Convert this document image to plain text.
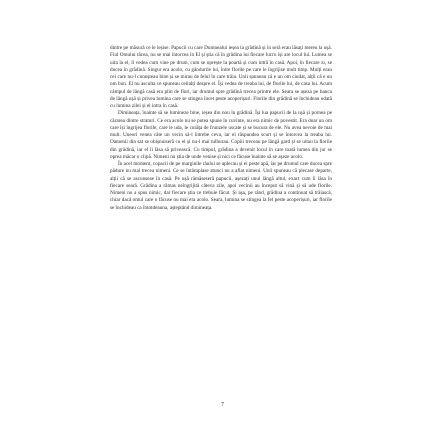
dintre pe măsură ce le ieșise. Papucii cu care Dumnealui ieșea la grădină și în seră erau lăsați mereu la ușă. Fiul Omului tăcea, nu se mai întorcea în El și știa că în grădina lui fiecare lucru își are locul lui. Lumea se uita la el, îl vedea cum vine pe drum, cum se oprește la poartă și cum intră în casă. Apoi, în fiecare zi, se ducea în grădină. Singur era acolo, cu gândurile lui, între florile pe care le îngrijise mult timp. Mulți erau cei care nu-l cunoșteau bine și se mirau de felul în care trăia. Unii spuneau că e un om ciudat, alții că e un om bun. El nu asculta ce spuneau ceilalți despre el. Își vedea de treaba lui, de florile lui, de casa lui. Acum câmpul de lângă casă era plin de flori, iar drumul spre grădină trecea printre ele. Seara se așeza pe banca de lângă ușă și privea lumina care se stingea încet peste acoperișuri. Florile din grădină se închideau odată cu lumina zilei și el intra în casă.

Dimineața, înainte să se lumineze bine, ieșea din nou în grădină. Își lua papucii de la ușă și pornea pe cărarea dintre straturi. Ce era acolo nu se putea spune în cuvinte, nu era nimic de povestit. Era doar un om care își îngrijea florile, care le uda, le curăța de frunzele uscate și se bucura de ele. Nu avea nevoie de mai mult. Uneori venea câte un vecin să-l întrebe ceva, iar el răspundea scurt și se întorcea la treaba lui. Oamenii din sat se obișnuiseră cu el și nu-l mai tulburau. Copiii treceau pe lângă gard și se uitau la florile din grădină, iar el îi lăsa să privească. Cu timpul, grădina a devenit locul în care toată lumea din jur se oprea măcar o clipă. Nimeni nu știa de unde venise și nici ce făcuse înainte să se așeze acolo.

În acel moment, copacii de pe marginile râului se aplecau și ei peste apă, iar pe drumul care ducea spre pădure nu mai trecea nimeni. Ce se întâmplase atunci nu a aflat nimeni. Unii spuneau că plecase departe, alții că se ascunsese în casă. Pe ușă rămăseseră papucii, așezați unul lângă altul, exact cum îi lăsa în fiecare seară. Grădina a rămas neîngrijită câteva zile, apoi vecinii au început să vină și să ude florile. Nimeni nu a spus nimic, dar fiecare știa ce trebuie făcut. Și așa, pe rând, grădina a continuat să trăiască, chiar dacă omul care o făcuse nu mai era acolo. Seara, lumina se stingea la fel peste acoperișuri, iar florile se închideau ca întotdeauna, așteptând dimineața.

7
